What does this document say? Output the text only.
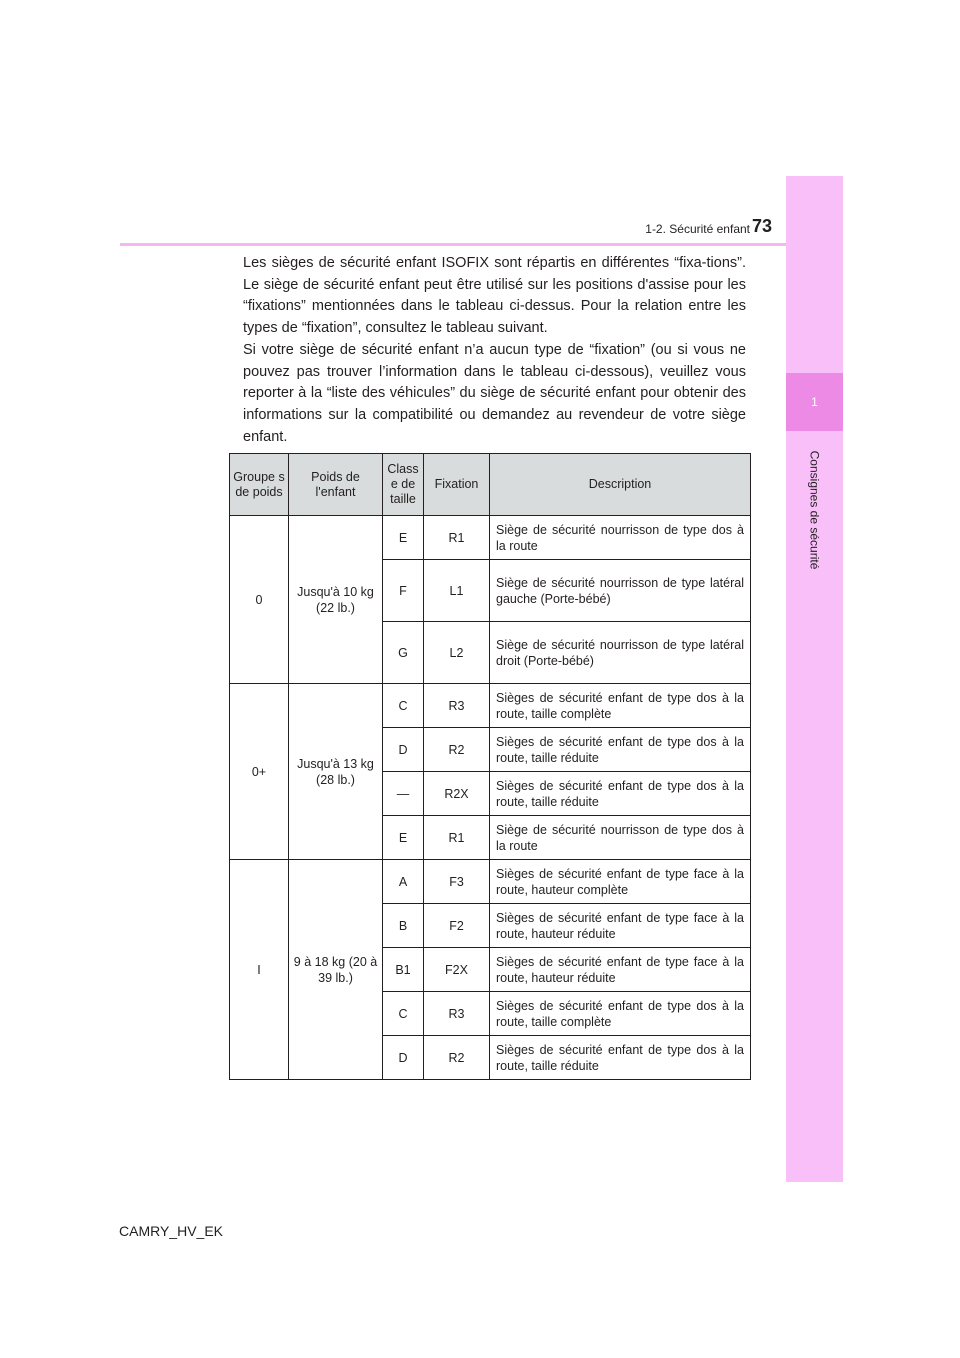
1
Consignes de sécurité
1-2. Sécurité enfant 73

Les sièges de sécurité enfant ISOFIX sont répartis en différentes “fixa-tions”. Le siège de sécurité enfant peut être utilisé sur les positions d'assise pour les “fixations” mentionnées dans le tableau ci-dessus. Pour la relation entre les types de “fixation”, consultez le tableau suivant.

Si votre siège de sécurité enfant n’a aucun type de “fixation” (ou si vous ne pouvez pas trouver l’information dans le tableau ci-dessous), veuillez vous reporter à la “liste des véhicules” du siège de sécurité enfant pour obtenir des informations sur la compatibilité ou demandez au revendeur de votre siège enfant.

Groupe s de poids	Poids de l'enfant	Class e de taille	Fixation	Description
0	Jusqu'à 10 kg (22 lb.)	E	R1	Siège de sécurité nourrisson de type dos à la route
		F	L1	Siège de sécurité nourrisson de type latéral gauche (Porte-bébé)
		G	L2	Siège de sécurité nourrisson de type latéral droit (Porte-bébé)
0+	Jusqu'à 13 kg (28 lb.)	C	R3	Sièges de sécurité enfant de type dos à la route, taille complète
		D	R2	Sièges de sécurité enfant de type dos à la route, taille réduite
		—	R2X	Sièges de sécurité enfant de type dos à la route, taille réduite
		E	R1	Siège de sécurité nourrisson de type dos à la route
I	9 à 18 kg (20 à 39 lb.)	A	F3	Sièges de sécurité enfant de type face à la route, hauteur complète
		B	F2	Sièges de sécurité enfant de type face à la route, hauteur réduite
		B1	F2X	Sièges de sécurité enfant de type face à la route, hauteur réduite
		C	R3	Sièges de sécurité enfant de type dos à la route, taille complète
		D	R2	Sièges de sécurité enfant de type dos à la route, taille réduite
CAMRY_HV_EK
